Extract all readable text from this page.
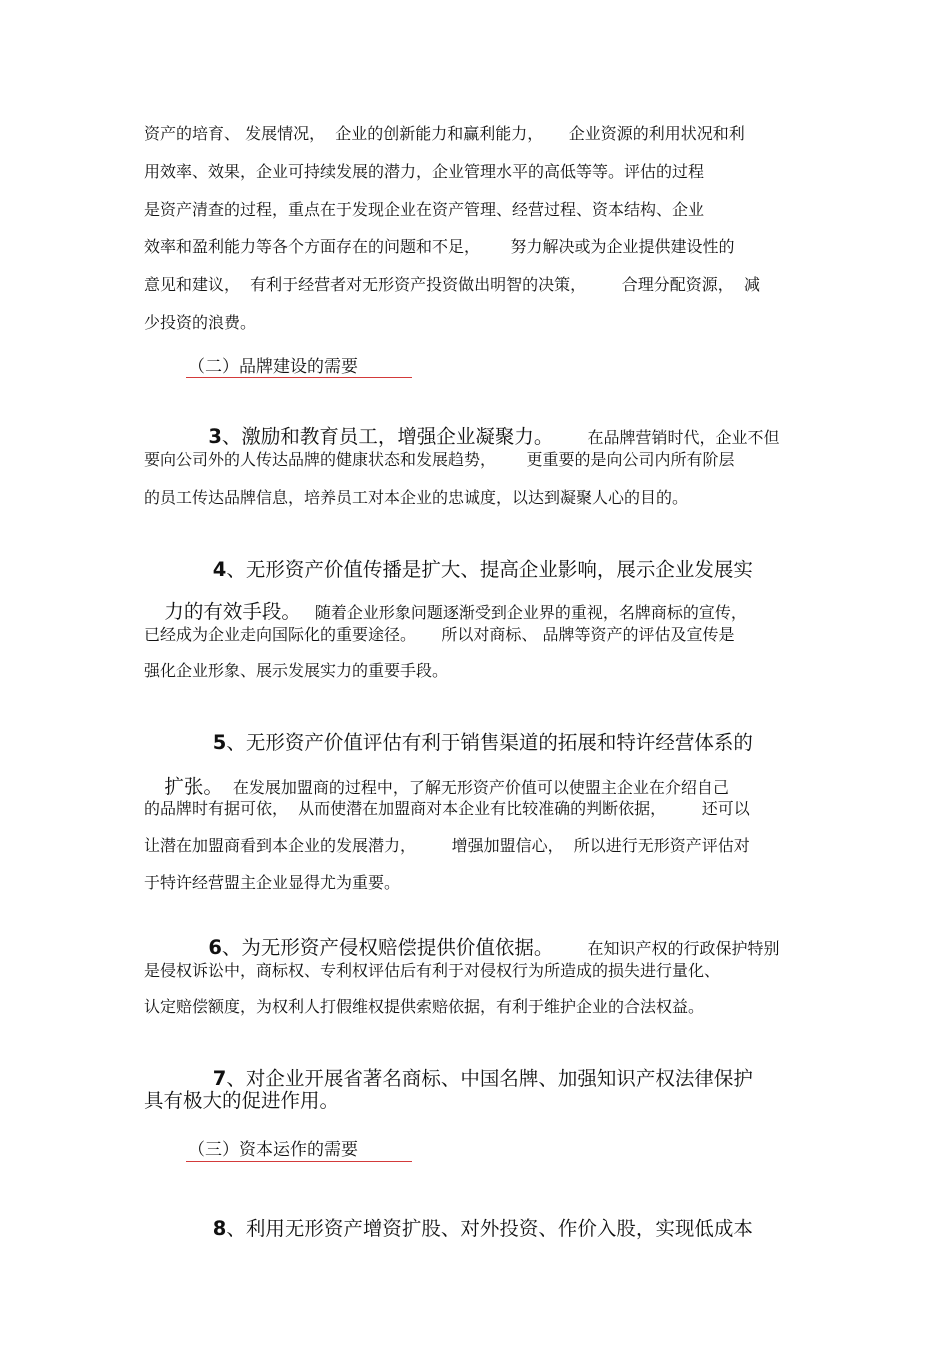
资产的培育、 发展情况，  企业的创新能力和赢利能力，     企业资源的利用状况和利
用效率、效果，企业可持续发展的潜力，企业管理水平的高低等等。评估的过程
是资产清查的过程，重点在于发现企业在资产管理、经营过程、资本结构、企业
效率和盈利能力等各个方面存在的问题和不足，      努力解决或为企业提供建设性的
意见和建议，  有利于经营者对无形资产投资做出明智的决策，       合理分配资源，  减
少投资的浪费。
（二）品牌建设的需要

3、激励和教育员工，增强企业凝聚力。 在品牌营销时代，企业不但

要向公司外的人传达品牌的健康状态和发展趋势，      更重要的是向公司内所有阶层
的员工传达品牌信息，培养员工对本企业的忠诚度，以达到凝聚人心的目的。

4、无形资产价值传播是扩大、提高企业影响，展示企业发展实

力的有效手段。 随着企业形象问题逐渐受到企业界的重视，名牌商标的宣传，

已经成为企业走向国际化的重要途径。     所以对商标、 品牌等资产的评估及宣传是
强化企业形象、展示发展实力的重要手段。

5、无形资产价值评估有利于销售渠道的拓展和特许经营体系的

扩张。 在发展加盟商的过程中，了解无形资产价值可以使盟主企业在介绍自己

的品牌时有据可依，  从而使潜在加盟商对本企业有比较准确的判断依据，       还可以
让潜在加盟商看到本企业的发展潜力，       增强加盟信心，  所以进行无形资产评估对
于特许经营盟主企业显得尤为重要。

6、为无形资产侵权赔偿提供价值依据。 在知识产权的行政保护特别

是侵权诉讼中，商标权、专利权评估后有利于对侵权行为所造成的损失进行量化、
认定赔偿额度，为权利人打假维权提供索赔依据，有利于维护企业的合法权益。

7、对企业开展省著名商标、中国名牌、加强知识产权法律保护

具有极大的促进作用。
（三）资本运作的需要

8、利用无形资产增资扩股、对外投资、作价入股，实现低成本
